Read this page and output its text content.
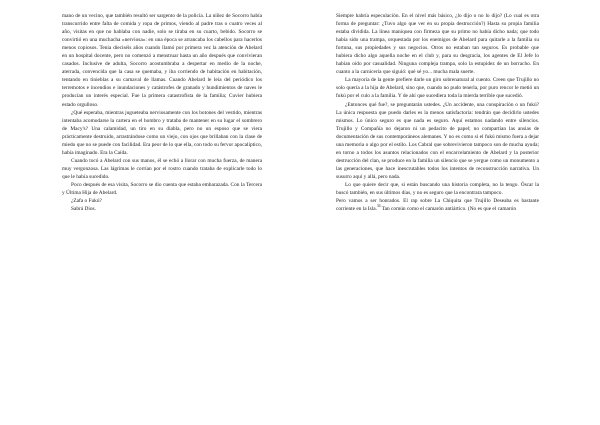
mano de un vecino, que también resultó ser sargento de la policía. La niñez de Socorro había transcurrido entre falta de comida y ropa de primos, viendo al padre tras o cuatro veces al año, visitas en que no hablaba con nadie, solo se tiraba en su cuarto, bebido. Socorro se convirtió en una muchacha «nerviosa»: en una época se arrancaba los cabellos para hacerlos menos copiosos. Tenía dieciséis años cuando llamó por primera vez la atención de Abelard en un hospital docente, pero no comenzó a menstruar hasta un año después que convivieran casados. Inclusive de adulta, Socorro acostumbraba a despertar en medio de la noche, aterrada, convencida que la casa se quemaba, y iba corriendo de habitación en habitación, tentando en tinieblas a su carnaval de llamas. Cuando Abelard le leía del periódico los terremotos e incendios e inundaciones y catástrofes de granado y hundimientos de naves le producían un interés especial. Fue la primera catastrofista de la familia; Cuvier hubiera estado orgulloso.

¿Qué esperaba, mientras jugueteaba nerviosamente con los botones del vestido, mientras intentaba acomodarse la cartera en el hombro y trataba de mantener en su lugar el sombrero de Macy's? Una calamidad, un tiro en su diabla, pero no un esposo que se viera prácticamente destruido, arrastrándose como un viejo, con ojos que brillaban con la clase de miedo que no se puede con facilidad. Era peor de lo que ella, con todo su fervor apocalíptico, había imaginado. Era la Caída.

Cuando tocó a Abelard con sus manos, él se echó a llorar con mucha fuerza, de manera muy vergonzosa. Las lágrimas le corrían por el rostro cuando trataba de explicarle todo lo que le había sucedido.

Poco después de esa visita, Socorro se dio cuenta que estaba embarazada. Con la Tercera y Última Hija de Abelard.

¿Zafa o Fukú?

Sabrá Dios.

Siempre habría especulación. En el nivel más básico, ¿lo dijo o no lo dijo? (Lo cual es otra forma de preguntar: ¿Tuvo algo que ver en su propia destrucción?) Hasta su propia familia estaba dividida. La línea maniquea con firmeza que su primo no había dicho nada; que todo había sido una trampa, orquestada por los enemigos de Abelard para quitarle a la familia su fortuna, sus propiedades y sus negocios. Otros no estaban tan seguros. Es probable que hubiera dicho algo aquella noche en el club y, para su desgracia, los agentes de El Jefe lo habían oído por casualidad. Ninguna compleja trampa, solo la estupidez de un borracho. En cuanto a la carnicería que siguió: qué sé yo... mucha mala suerte.

La mayoría de la gente prefiere darle un giro sobrenatural al cuento. Creen que Trujillo no solo quería a la hija de Abelard, sino que, cuando no pudo tenerla, por puro rencor le metió un fukú por el culo a la familia. Y de ahí que sucediera toda la mierda terrible que sucedió.

¿Entonces qué fue?, se preguntarán ustedes. ¿Un accidente, una conspiración o un fukú? La única respuesta que puedo darles es la menos satisfactoria: tendrán que decidirlo ustedes mismos. Lo único seguro es que nada es seguro. Aquí estamos nadando entre silencios. Trujillo y Compañía no dejaron ni un pedacito de papel; no compartían las ansias de documentación de sus contemporáneos alemanes. Y no es como si el fukú mismo fuera a dejar una memoria o algo por el estilo. Los Cabral que sobrevivieron tampoco son de mucha ayuda; en torno a todos los asuntos relacionados con el encarcelamiento de Abelard y la posterior destrucción del clan, se produce en la familia un silencio que se yergue como un monumento a las generaciones, que hace inescrutables todos los intentos de reconstrucción narrativa. Un susurro aquí y allá, pero nada.

Lo que quiere decir que, si están buscando una historia completa, no la tengo. Óscar la buscó también, en sus últimos días, y no es seguro que la encontrara tampoco.

Pero vamos a ser honrados. El rap sobre La Chiquita que Trujillo Deseaba es bastante corriente en la Isla.$^{34}$ Tan común como el camarón antiártico. (No es que el camarón
